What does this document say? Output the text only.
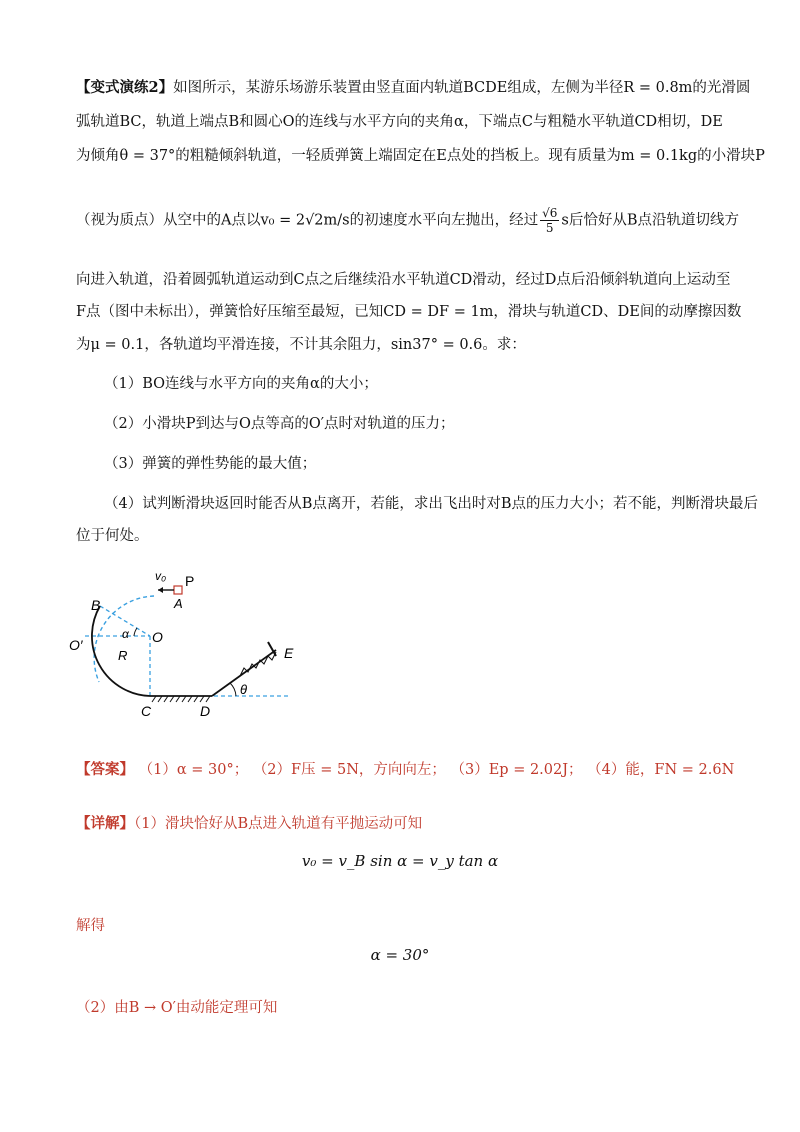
【变式演练2】如图所示，某游乐场游乐装置由竖直面内轨道BCDE组成，左侧为半径R = 0.8m的光滑圆
弧轨道BC，轨道上端点B和圆心O的连线与水平方向的夹角α，下端点C与粗糙水平轨道CD相切，DE
为倾角θ = 37°的粗糙倾斜轨道，一轻质弹簧上端固定在E点处的挡板上。现有质量为m = 0.1kg的小滑块P
（视为质点）从空中的A点以v₀ = 2√2m/s的初速度水平向左抛出，经过 $\frac{√6}{5}$ s后恰好从B点沿轨道切线方
向进入轨道，沿着圆弧轨道运动到C点之后继续沿水平轨道CD滑动，经过D点后沿倾斜轨道向上运动至
F点（图中未标出），弹簧恰好压缩至最短，已知CD = DF = 1m，滑块与轨道CD、DE间的动摩擦因数
为μ = 0.1，各轨道均平滑连接，不计其余阻力，sin37° = 0.6。求：
（1）BO连线与水平方向的夹角α的大小；
（2）小滑块P到达与O点等高的O′点时对轨道的压力；
（3）弹簧的弹性势能的最大值；
（4）试判断滑块返回时能否从B点离开，若能，求出飞出时对B点的压力大小；若不能，判断滑块最后
位于何处。
v₀ P
A
B
O
O′
α
R
C	D
E
θ
【答案】 （1）α = 30°； （2）F压 = 5N，方向向左； （3）Ep = 2.02J； （4）能，FN = 2.6N
【详解】（1）滑块恰好从B点进入轨道有平抛运动可知
v₀ = v_B sin α = v_y tan α
解得
α = 30°
（2）由B → O′由动能定理可知
